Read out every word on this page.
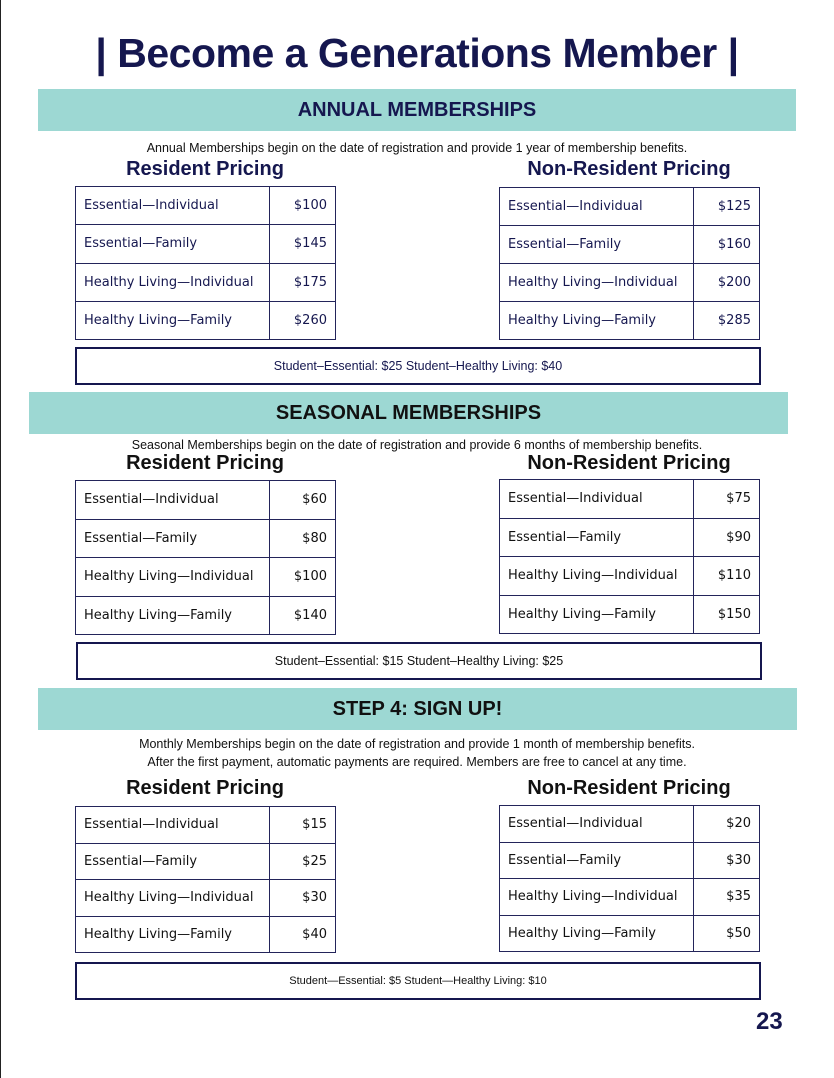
| Become a Generations Member |
ANNUAL MEMBERSHIPS
Annual Memberships begin on the date of registration and provide 1 year of membership benefits.
Resident Pricing	Non-Resident Pricing
Essential—Individual	$100
Essential—Family	$145
Healthy Living—Individual	$175
Healthy Living—Family	$260
Essential—Individual	$125
Essential—Family	$160
Healthy Living—Individual	$200
Healthy Living—Family	$285
Student–Essential: $25 Student–Healthy Living: $40
SEASONAL MEMBERSHIPS
Seasonal Memberships begin on the date of registration and provide 6 months of membership benefits.
Resident Pricing	Non-Resident Pricing
Essential—Individual	$60
Essential—Family	$80
Healthy Living—Individual	$100
Healthy Living—Family	$140
Essential—Individual	$75
Essential—Family	$90
Healthy Living—Individual	$110
Healthy Living—Family	$150
Student–Essential: $15 Student–Healthy Living: $25
STEP 4: SIGN UP!
Monthly Memberships begin on the date of registration and provide 1 month of membership benefits.
After the first payment, automatic payments are required. Members are free to cancel at any time.
Resident Pricing	Non-Resident Pricing
Essential—Individual	$15
Essential—Family	$25
Healthy Living—Individual	$30
Healthy Living—Family	$40
Essential—Individual	$20
Essential—Family	$30
Healthy Living—Individual	$35
Healthy Living—Family	$50
Student—Essential: $5 Student—Healthy Living: $10
23
